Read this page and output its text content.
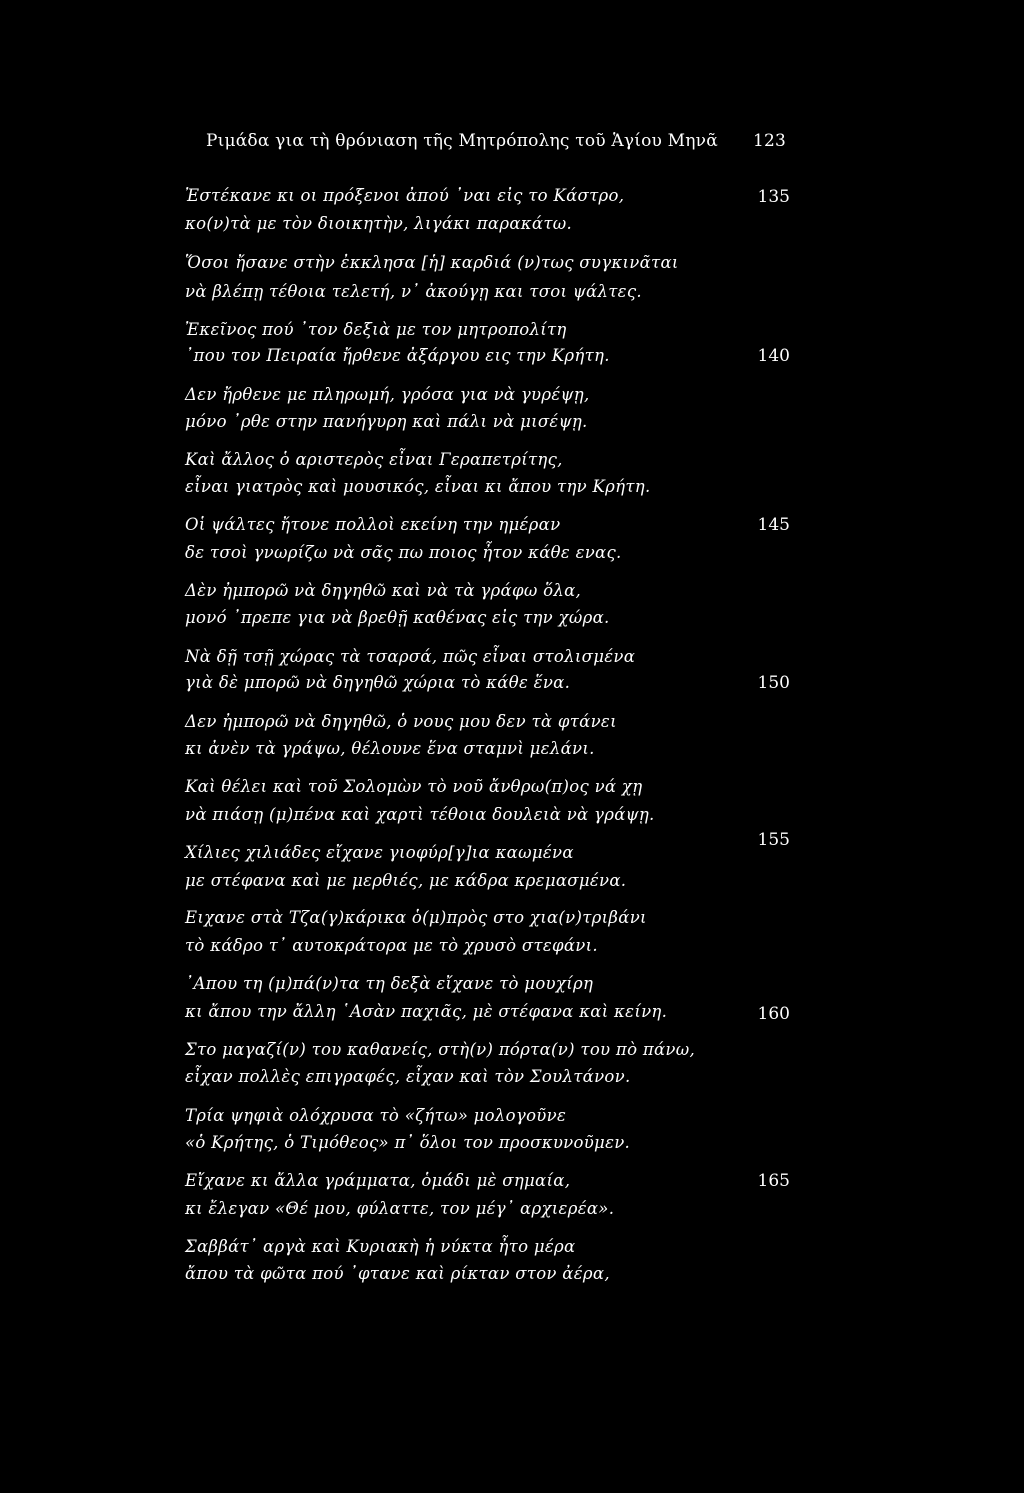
Ριμάδα για τὴ θρόνιαση τῆς Μητρόπολης τοῦ Ἁγίου Μηνᾶ 123
Ἐστέκανε κι οι πρόξενοι ἀπού ᾿ναι εἰς το Κάστρο,
κο(ν)τὰ με τὸν διοικητὴν, λιγάκι παρακάτω.
Ὅσοι ἤσανε στὴν ἐκκλησα [ἡ] καρδιά (ν)τως συγκινᾶται
νὰ βλέπῃ τέθοια τελετή, ν᾿ ἀκούγῃ και τσοι ψάλτες.
Ἐκεῖνος πού ᾿τον δεξιὰ με τον μητροπολίτη
᾿που τον Πειραία ἤρθενε ἀξάργου εις την Κρήτη.
Δεν ἤρθενε με πληρωμή, γρόσα για νὰ γυρέψῃ,
μόνο ᾿ρθε στην πανήγυρη καὶ πάλι νὰ μισέψῃ.
Καὶ ἄλλος ὁ αριστερὸς εἶναι Γεραπετρίτης,
εἶναι γιατρὸς καὶ μουσικός, εἶναι κι ἄπου την Κρήτη.
Οἱ ψάλτες ἤτονε πολλοὶ εκείνη την ημέραν
δε τσοὶ γνωρίζω νὰ σᾶς πω ποιος ἦτον κάθε ενας.
Δὲν ἠμπορῶ νὰ δηγηθῶ καὶ νὰ τὰ γράφω ὅλα,
μονό ᾿πρεπε για νὰ βρεθῇ καθένας εἰς την χώρα.
Νὰ δῇ τσῇ χώρας τὰ τσαρσά, πῶς εἶναι στολισμένα
γιὰ δὲ μπορῶ νὰ δηγηθῶ χώρια τὸ κάθε ἕνα.
Δεν ἠμπορῶ νὰ δηγηθῶ, ὁ νους μου δεν τὰ φτάνει
κι ἀνὲν τὰ γράψω, θέλουνε ἕνα σταμνὶ μελάνι.
Καὶ θέλει καὶ τοῦ Σολομὼν τὸ νοῦ ἄνθρω(π)ος νά χῃ
νὰ πιάσῃ (μ)πένα καὶ χαρτὶ τέθοια δουλειὰ νὰ γράψῃ.
Χίλιες χιλιάδες εἴχανε γιοφύρ[γ]ια καωμένα
με στέφανα καὶ με μερθιές, με κάδρα κρεμασμένα.
Ειχανε στὰ Τζα(γ)κάρικα ὁ(μ)πρὸς στο χια(ν)τριβάνι
τὸ κάδρο τ᾿ αυτοκράτορα με τὸ χρυσὸ στεφάνι.
᾿Απου τη (μ)πά(ν)τα τη δεξὰ εἴχανε τὸ μουχίρη
κι ἄπου την ἄλλη ῾Ασὰν παχιᾶς, μὲ στέφανα καὶ κείνη.
Στο μαγαζί(ν) του καθανείς, στὴ(ν) πόρτα(ν) του πὸ πάνω,
εἶχαν πολλὲς επιγραφές, εἶχαν καὶ τὸν Σουλτάνον.
Τρία ψηφιὰ ολόχρυσα τὸ «ζήτω» μολογοῦνε
«ὁ Κρήτης, ὁ Τιμόθεος» π᾿ ὅλοι τον προσκυνοῦμεν.
Εἴχανε κι ἄλλα γράμματα, ὁμάδι μὲ σημαία,
κι ἔλεγαν «Θέ μου, φύλαττε, τον μέγ᾿ αρχιερέα».
Σαββάτ᾿ αργὰ καὶ Κυριακὴ ἡ νύκτα ἦτο μέρα
ἄπου τὰ φῶτα πού ᾿φτανε καὶ ρίκταν στον ἀέρα,
135
140
145
150
155
160
165
